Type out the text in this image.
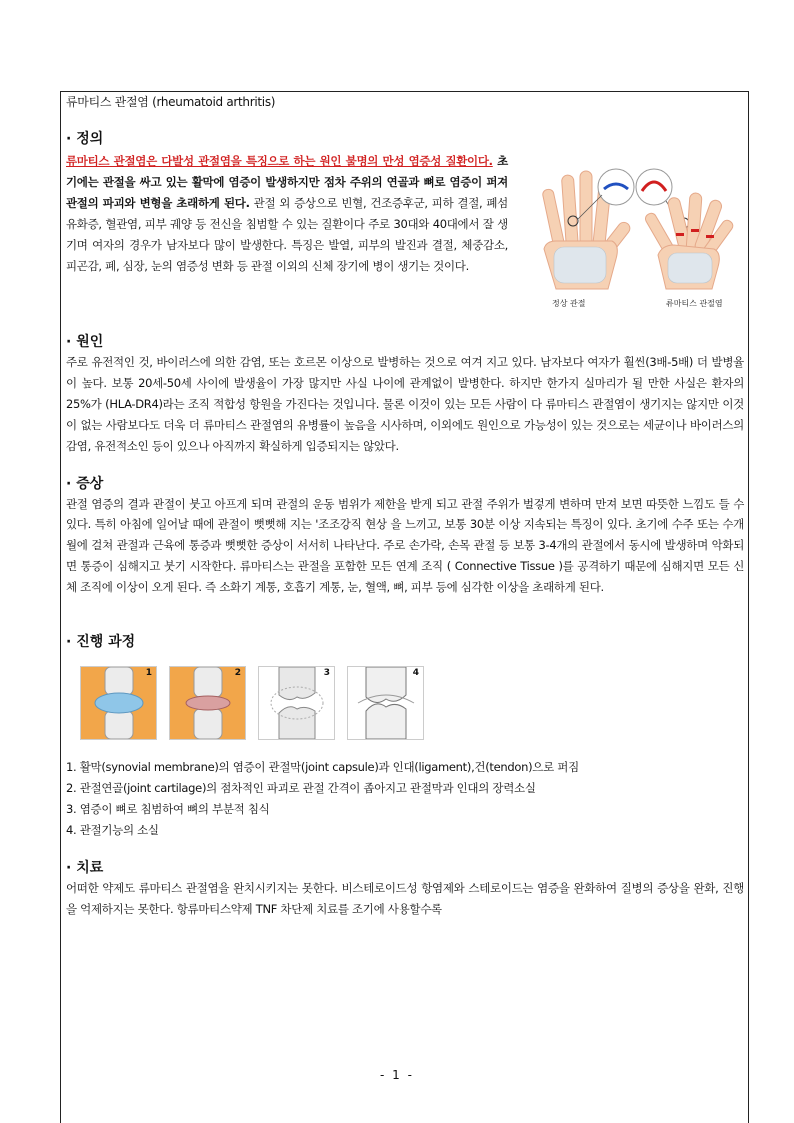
류마티스 관절염 (rheumatoid arthritis)

· 정의

류마티스 관절염은 다발성 관절염을 특징으로 하는 원인 불명의 만성 염증성 질환이다. 초기에는 관절을 싸고 있는 활막에 염증이 발생하지만 점차 주위의 연골과 뼈로 염증이 퍼져 관절의 파괴와 변형을 초래하게 된다. 관절 외 증상으로 빈혈, 건조증후군, 피하 결절, 폐섬유화증, 혈관염, 피부 궤양 등 전신을 침범할 수 있는 질환이다 주로 30대와 40대에서 잘 생기며 여자의 경우가 남자보다 많이 발생한다. 특징은 발열, 피부의 발진과 결절, 체중감소, 피곤감, 폐, 심장, 눈의 염증성 변화 등 관절 이외의 신체 장기에 병이 생기는 것이다.

정상 관절	류마티스 관절염
· 원인

주로 유전적인 것, 바이러스에 의한 감염, 또는 호르몬 이상으로 발병하는 것으로 여겨 지고 있다. 남자보다 여자가 훨씬(3배-5배) 더 발병율이 높다. 보통 20세-50세 사이에 발생율이 가장 많지만 사실 나이에 관계없이 발병한다. 하지만 한가지 실마리가 될 만한 사실은 환자의 25%가 (HLA-DR4)라는 조직 적합성 항원을 가진다는 것입니다. 물론 이것이 있는 모든 사람이 다 류마티스 관절염이 생기지는 않지만 이것이 없는 사람보다도 더욱 더 류마티스 관절염의 유병률이 높음을 시사하며, 이외에도 원인으로 가능성이 있는 것으로는 세균이나 바이러스의 감염, 유전적소인 등이 있으나 아직까지 확실하게 입증되지는 않았다.

· 증상

관절 염증의 결과 관절이 붓고 아프게 되며 관절의 운동 범위가 제한을 받게 되고 관절 주위가 벌겋게 변하며 만져 보면 따뜻한 느낌도 들 수 있다. 특히 아침에 일어날 때에 관절이 뻣뻣해 지는 '조조강직 현상 을 느끼고, 보통 30분 이상 지속되는 특징이 있다. 초기에 수주 또는 수개월에 걸쳐 관절과 근육에 통증과 뻣뻣한 증상이 서서히 나타난다. 주로 손가락, 손목 관절 등 보통 3-4개의 관절에서 동시에 발생하며 악화되면 통증이 심해지고 붓기 시작한다. 류마티스는 관절을 포함한 모든 연계 조직 ( Connective Tissue )를 공격하기 때문에 심해지면 모든 신체 조직에 이상이 오게 된다. 즉 소화기 계통, 호흡기 계통, 눈, 혈액, 뼈, 피부 등에 심각한 이상을 초래하게 된다.

· 진행 과정
1	2	3	4
1. 활막(synovial membrane)의 염증이 관절막(joint capsule)과 인대(ligament),건(tendon)으로 퍼짐
2. 관절연골(joint cartilage)의 점차적인 파괴로 관절 간격이 좁아지고 관절막과 인대의 장력소실
3. 염증이 뼈로 침범하여 뼈의 부분적 침식
4. 관절기능의 소실
· 치료

어떠한 약제도 류마티스 관절염을 완치시키지는 못한다. 비스테로이드성 항염제와 스테로이드는 염증을 완화하여 질병의 증상을 완화, 진행을 억제하지는 못한다. 항류마티스약제 TNF 차단제 치료를 조기에 사용할수록

- 1 -
